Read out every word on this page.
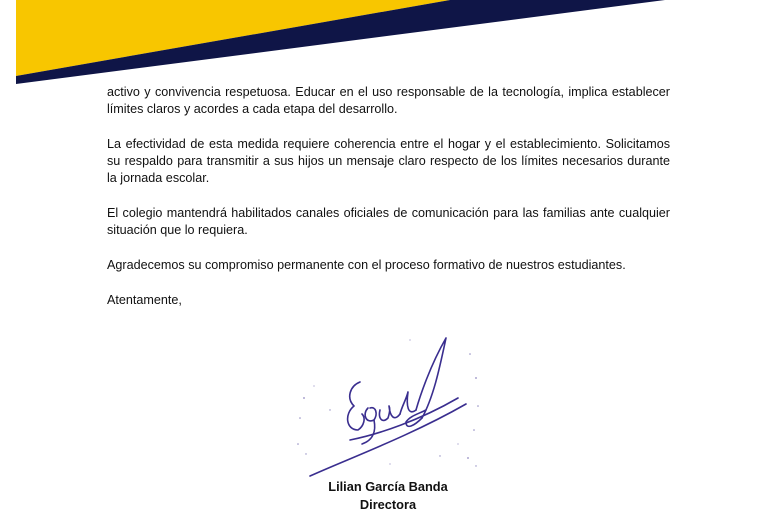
activo y convivencia respetuosa. Educar en el uso responsable de la tecnología, implica establecer límites claros y acordes a cada etapa del desarrollo.

La efectividad de esta medida requiere coherencia entre el hogar y el establecimiento. Solicitamos su respaldo para transmitir a sus hijos un mensaje claro respecto de los límites necesarios durante la jornada escolar.

El colegio mantendrá habilitados canales oficiales de comunicación para las familias ante cualquier situación que lo requiera.

Agradecemos su compromiso permanente con el proceso formativo de nuestros estudiantes.

Atentamente,

Lilian García Banda
Directora
